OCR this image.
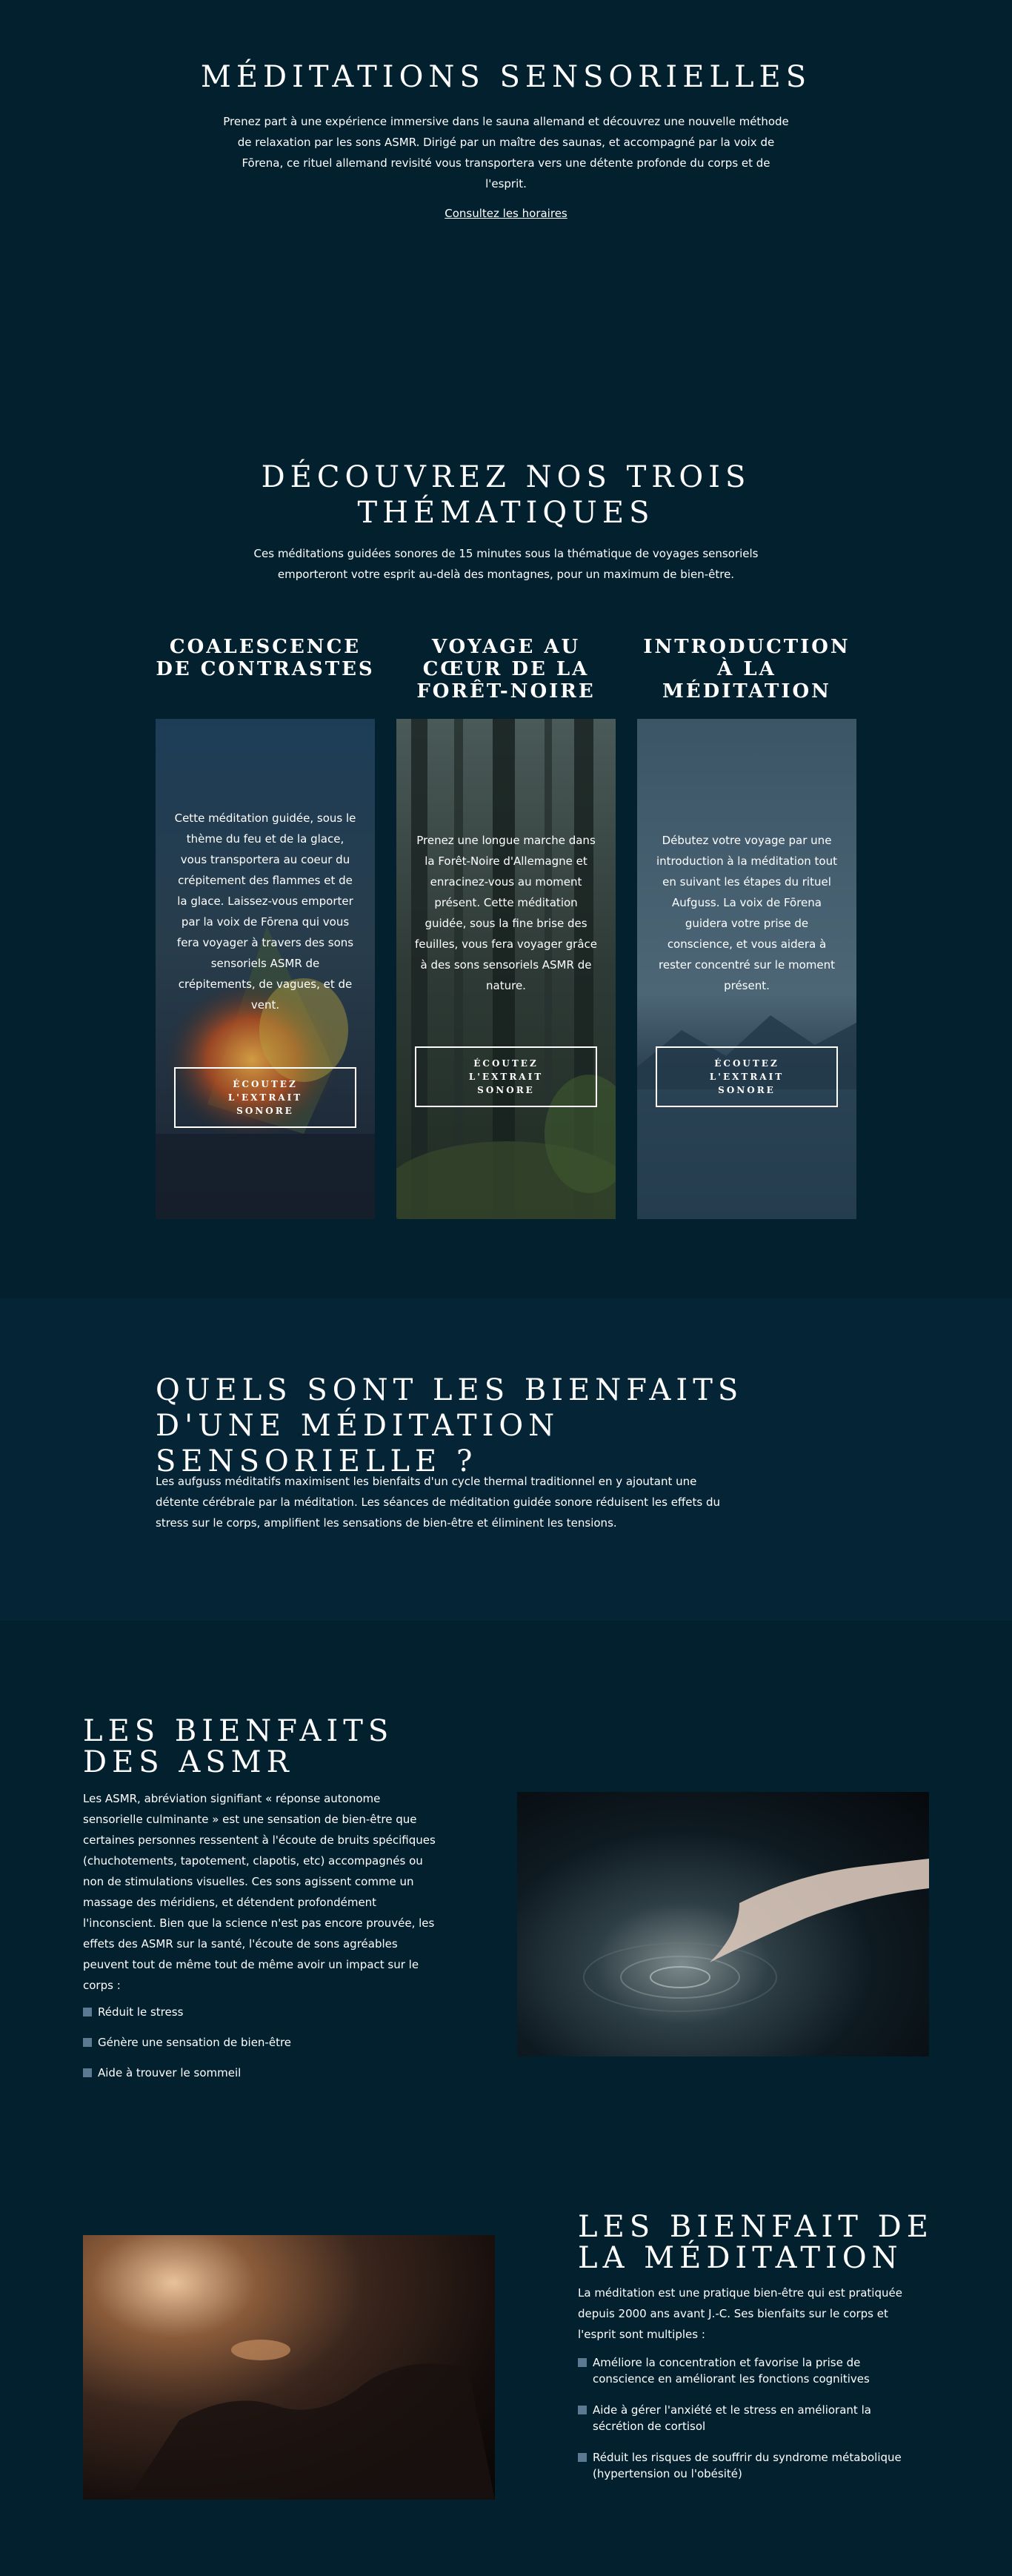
MÉDITATIONS SENSORIELLES

Prenez part à une expérience immersive dans le sauna allemand et découvrez une nouvelle méthode de relaxation par les sons ASMR. Dirigé par un maître des saunas, et accompagné par la voix de Fōrena, ce rituel allemand revisité vous transportera vers une détente profonde du corps et de l'esprit.

Consultez les horaires
DÉCOUVREZ NOS TROIS THÉMATIQUES

Ces méditations guidées sonores de 15 minutes sous la thématique de voyages sensoriels emporteront votre esprit au-delà des montagnes, pour un maximum de bien-être.

COALESCENCE DE CONTRASTES
VOYAGE AU CŒUR DE LA FORÊT-NOIRE
INTRODUCTION À LA MÉDITATION

Cette méditation guidée, sous le thème du feu et de la glace, vous transportera au coeur du crépitement des flammes et de la glace. Laissez-vous emporter par la voix de Fōrena qui vous fera voyager à travers des sons sensoriels ASMR de crépitements, de vagues, et de vent.

ÉCOUTEZ L'EXTRAIT SONORE

Prenez une longue marche dans la Forêt-Noire d'Allemagne et enracinez-vous au moment présent. Cette méditation guidée, sous la fine brise des feuilles, vous fera voyager grâce à des sons sensoriels ASMR de nature.

ÉCOUTEZ L'EXTRAIT SONORE

Débutez votre voyage par une introduction à la méditation tout en suivant les étapes du rituel Aufguss. La voix de Fōrena guidera votre prise de conscience, et vous aidera à rester concentré sur le moment présent.

ÉCOUTEZ L'EXTRAIT SONORE
QUELS SONT LES BIENFAITS D'UNE MÉDITATION SENSORIELLE ?

Les aufguss méditatifs maximisent les bienfaits d'un cycle thermal traditionnel en y ajoutant une détente cérébrale par la méditation. Les séances de méditation guidée sonore réduisent les effets du stress sur le corps, amplifient les sensations de bien-être et éliminent les tensions.

LES BIENFAITS DES ASMR

Les ASMR, abréviation signifiant « réponse autonome sensorielle culminante » est une sensation de bien-être que certaines personnes ressentent à l'écoute de bruits spécifiques (chuchotements, tapotement, clapotis, etc) accompagnés ou non de stimulations visuelles. Ces sons agissent comme un massage des méridiens, et détendent profondément l'inconscient. Bien que la science n'est pas encore prouvée, les effets des ASMR sur la santé, l'écoute de sons agréables peuvent tout de même tout de même avoir un impact sur le corps :

Réduit le stress
Génère une sensation de bien-être
Aide à trouver le sommeil
LES BIENFAIT DE LA MÉDITATION

La méditation est une pratique bien-être qui est pratiquée depuis 2000 ans avant J.-C. Ses bienfaits sur le corps et l'esprit sont multiples :

Améliore la concentration et favorise la prise de conscience en améliorant les fonctions cognitives
Aide à gérer l'anxiété et le stress en améliorant la sécrétion de cortisol
Réduit les risques de souffrir du syndrome métabolique (hypertension ou l'obésité)
